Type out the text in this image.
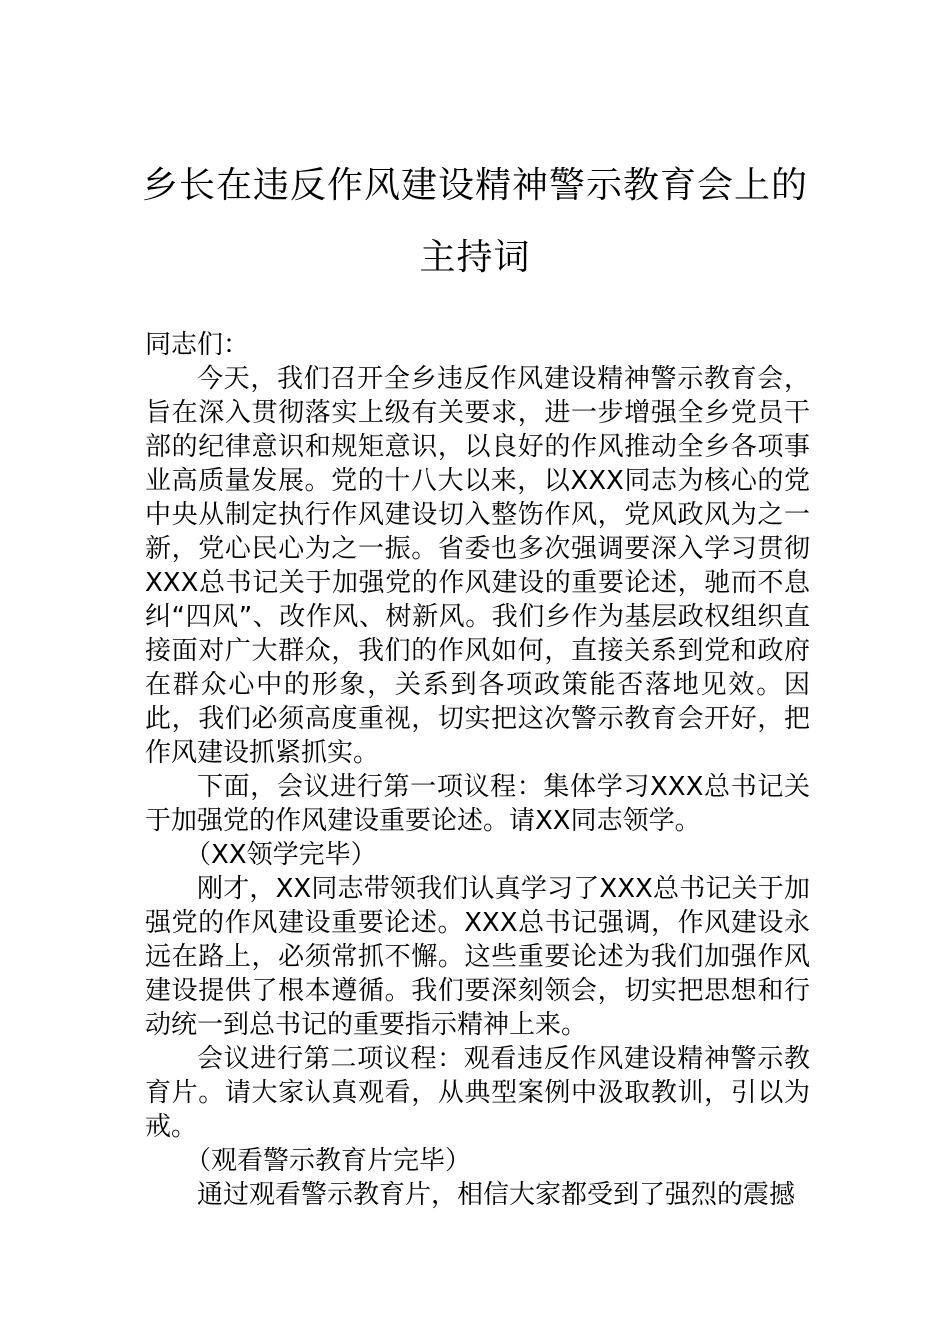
乡长在违反作风建设精神警示教育会上的
主持词

同志们：

今天，我们召开全乡违反作风建设精神警示教育会，旨在深入贯彻落实上级有关要求，进一步增强全乡党员干部的纪律意识和规矩意识，以良好的作风推动全乡各项事业高质量发展。党的十八大以来，以XXX同志为核心的党中央从制定执行作风建设切入整饬作风，党风政风为之一新，党心民心为之一振。省委也多次强调要深入学习贯彻XXX总书记关于加强党的作风建设的重要论述，驰而不息纠“四风”、改作风、树新风。我们乡作为基层政权组织直接面对广大群众，我们的作风如何，直接关系到党和政府在群众心中的形象，关系到各项政策能否落地见效。因此，我们必须高度重视，切实把这次警示教育会开好，把作风建设抓紧抓实。

下面，会议进行第一项议程：集体学习XXX总书记关于加强党的作风建设重要论述。请XX同志领学。

（XX领学完毕）

刚才，XX同志带领我们认真学习了XXX总书记关于加强党的作风建设重要论述。XXX总书记强调，作风建设永远在路上，必须常抓不懈。这些重要论述为我们加强作风建设提供了根本遵循。我们要深刻领会，切实把思想和行动统一到总书记的重要指示精神上来。

会议进行第二项议程：观看违反作风建设精神警示教育片。请大家认真观看，从典型案例中汲取教训，引以为戒。

（观看警示教育片完毕）

通过观看警示教育片，相信大家都受到了强烈的震撼
